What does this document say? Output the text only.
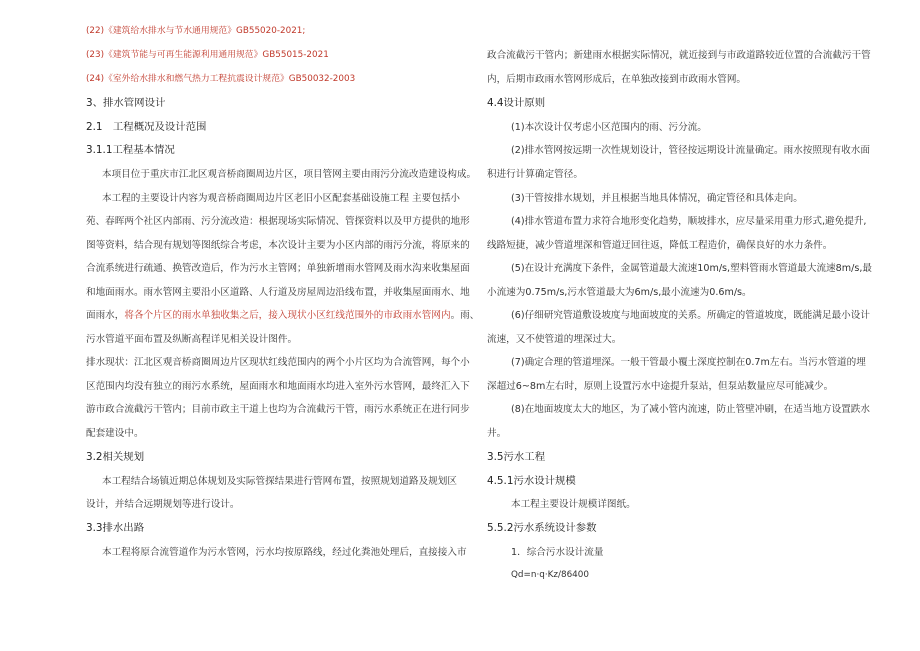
(22)《建筑给水排水与节水通用规范》GB55020-2021;
(23)《建筑节能与可再生能源利用通用规范》GB55015-2021
(24)《室外给水排水和燃气热力工程抗震设计规范》GB50032-2003
3、排水管网设计
2.1　工程概况及设计范围
3.1.1工程基本情况
本项目位于重庆市江北区观音桥商圈周边片区，项目管网主要由雨污分流改造建设构成。
本工程的主要设计内容为观音桥商圈周边片区老旧小区配套基础设施工程 主要包括小
苑、春晖两个社区内部雨、污分流改造：根据现场实际情况、管探资料以及甲方提供的地形
图等资料，结合现有规划等图纸综合考虑，本次设计主要为小区内部的雨污分流，将原来的
合流系统进行疏通、换管改造后，作为污水主管网；单独新增雨水管网及雨水沟来收集屋面
和地面雨水。雨水管网主要沿小区道路、人行道及房屋周边沿线布置，并收集屋面雨水、地
面雨水，将各个片区的雨水单独收集之后，接入现状小区红线范围外的市政雨水管网内。雨、
污水管道平面布置及纵断高程详见相关设计图件。
排水现状：江北区观音桥商圈周边片区现状红线范围内的两个小片区均为合流管网，每个小
区范围内均没有独立的雨污水系统，屋面雨水和地面雨水均进入室外污水管网，最终汇入下
游市政合流截污干管内；目前市政主干道上也均为合流截污干管，雨污水系统正在进行同步
配套建设中。
3.2相关规划
本工程结合场镇近期总体规划及实际管探结果进行管网布置，按照规划道路及规划区
设计，并结合远期规划等进行设计。
3.3排水出路
本工程将原合流管道作为污水管网，污水均按原路线，经过化粪池处理后，直接接入市
政合流截污干管内；新建雨水根据实际情况，就近接到与市政道路较近位置的合流截污干管
内，后期市政雨水管网形成后，在单独改接到市政雨水管网。
4.4设计原则
(1)本次设计仅考虑小区范围内的雨、污分流。
(2)排水管网按远期一次性规划设计，管径按远期设计流量确定。雨水按照现有收水面
积进行计算确定管径。
(3)干管按排水规划，并且根据当地具体情况，确定管径和具体走向。
(4)排水管道布置力求符合地形变化趋势，顺坡排水，应尽量采用重力形式,避免提升,
线路短捷，减少管道埋深和管道迂回往返，降低工程造价，确保良好的水力条件。
(5)在设计充满度下条件，金属管道最大流速10m/s,塑料管雨水管道最大流速8m/s,最
小流速为0.75m/s,污水管道最大为6m/s,最小流速为0.6m/s。
(6)仔细研究管道敷设坡度与地面坡度的关系。所确定的管道坡度，既能满足最小设计
流速，又不使管道的埋深过大。
(7)确定合理的管道埋深。一般干管最小覆土深度控制在0.7m左右。当污水管道的埋
深超过6~8m左右时，原则上设置污水中途提升泵站，但泵站数量应尽可能减少。
(8)在地面坡度太大的地区，为了减小管内流速，防止管壁冲刷，在适当地方设置跌水
井。
3.5污水工程
4.5.1污水设计规模
本工程主要设计规模详图纸。
5.5.2污水系统设计参数
1．综合污水设计流量
Qd=n·q·Kz/86400
